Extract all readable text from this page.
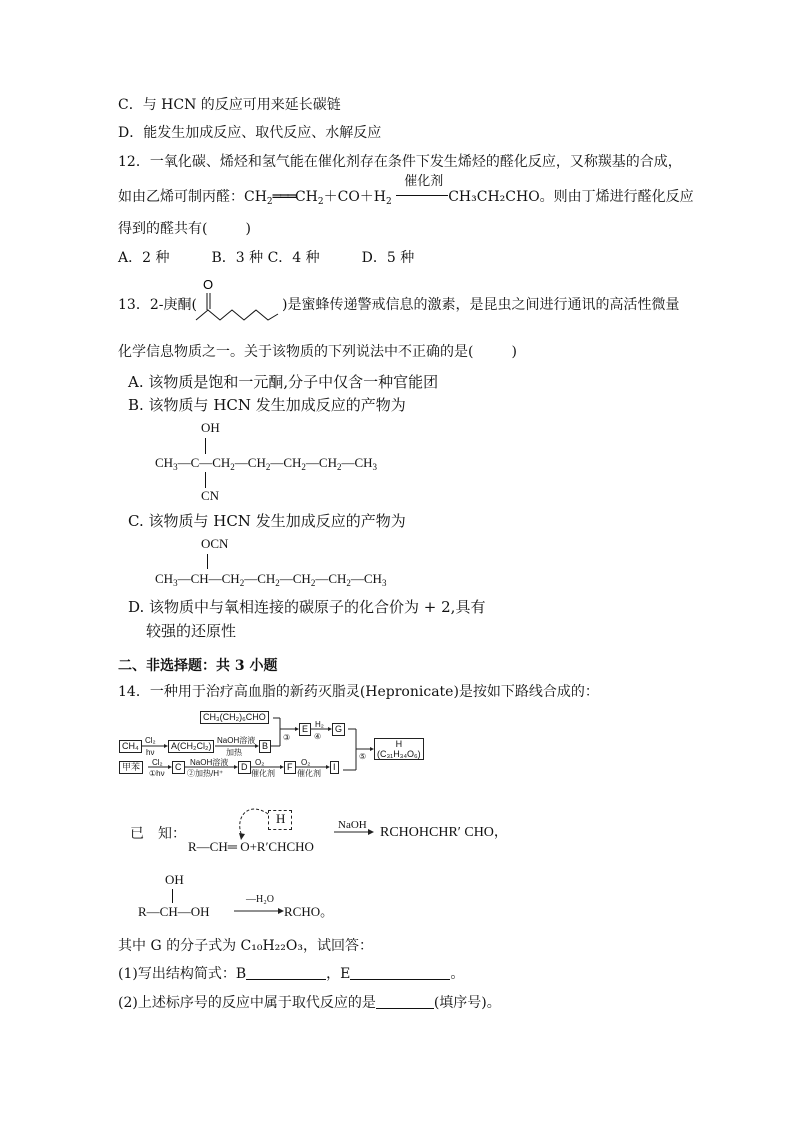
C．与 HCN 的反应可用来延长碳链
D．能发生加成反应、取代反应、水解反应
12．一氧化碳、烯烃和氢气能在催化剂存在条件下发生烯烃的醛化反应，又称羰基的合成，
如由乙烯可制丙醛：$CH_2═══CH_2+CO+H_2$
催化剂
CH₃CH₂CHO。则由丁烯进行醛化反应
得到的醛共有(	)
A．2 种　　　B．3 种 C．4 种　　　D．5 种
13．2-庚酮(
O
)是蜜蜂传递警戒信息的激素，是昆虫之间进行通讯的高活性微量
化学信息物质之一。关于该物质的下列说法中不正确的是(	)
A. 该物质是饱和一元酮,分子中仅含一种官能团
B. 该物质与 HCN 发生加成反应的产物为
OH
$CH_3—C—CH_2—CH_2—CH_2—CH_2—CH_3$
CN
C. 该物质与 HCN 发生加成反应的产物为
OCN
$CH_3—CH—CH_2—CH_2—CH_2—CH_2—CH_3$
D. 该物质中与氧相连接的碳原子的化合价为 + 2,具有
较强的还原性
二、非选择题：共 3 小题
14．一种用于治疗高血脂的新药灭脂灵(Hepronicate)是按如下路线合成的：
CH₃(CH₂)₆CHO
CH₄	A(CH₂Cl₂)	B
E	G
H
(C₃₁H₃₄O₆)
甲苯	C	D	F	I
Cl₂
hν
NaOH溶液
加热
③
H₂
④
⑤
Cl₂
①hν
NaOH溶液
②加热/H⁺
O₂
催化剂
O₂
催化剂
已　知：
H
R—CH═ O+R′CHCHO
NaOH RCHOHCHR′ CHO，
OH
R—CH—OH
—H₂O
RCHO。
其中 G 的分子式为 C₁₀H₂₂O₃，试回答：
(1)写出结构简式：B	，E	。
(2)上述标序号的反应中属于取代反应的是	(填序号)。
